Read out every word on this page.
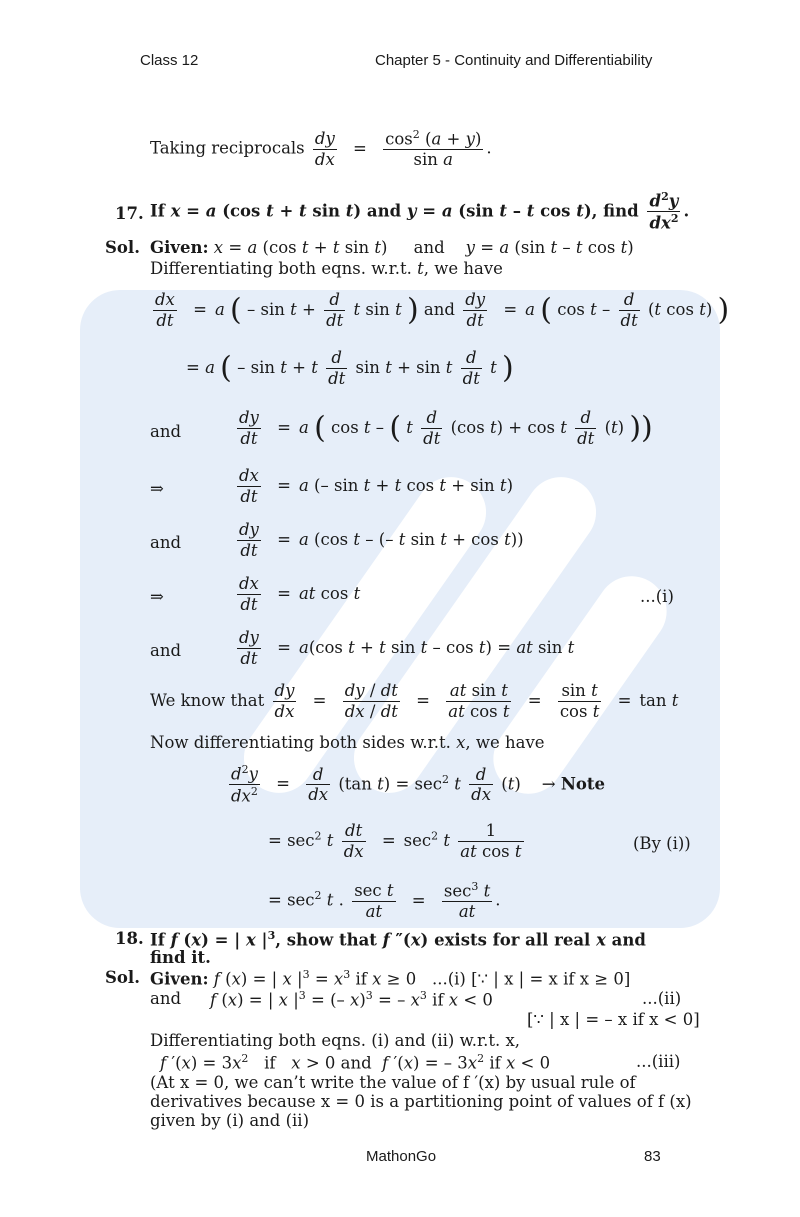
Class 12	Chapter 5 - Continuity and Differentiability
Taking reciprocals $\frac{dy}{dx} = \frac{\cos^2 (a + y)}{\text{sin a}}$ .
17. If x = a (cos t + t sin t) and y = a (sin t – t cos t), find $\frac{d^2y}{dx^2}$ .
Sol. Given: x = a (cos t + t sin t)     and y = a (sin t – t cos t)
Differentiating both eqns. w.r.t. t, we have
$\frac{dx}{dt} = a$ ( – $\sin t + \frac{d}{dt}$ t sin t ) and $\frac{dy}{dt} = a$ ( cos t – $\frac{d}{dt} (t$ cos t) )
= a ( – sin t + t $\frac{d}{dt}$ sin t + sin t $\frac{d}{dt}$ t )
and	$\frac{dy}{dt} = a$ ( cos t – ( t $\frac{d}{dt} (\cos$ t) + cos t $\frac{d}{dt} (t)$ ))
⇒	$\frac{dx}{dt} = a$ (– sin t + t cos t + sin t)
and	$\frac{dy}{dt} = a$ (cos t – (– t sin t + cos t))
⇒	$\frac{dx}{dt}$ = at cos t	...(i)
and	$\frac{dy}{dt} = a(\cos$ t + t sin t – cos t) = at sin t
We know that $\frac{dy}{dx} = \frac{dy / dt}{dx / dt} = \frac{\text{at sin t}}{\text{at cos t}} = \frac{\text{sin t}}{\text{cos t}} = \tan t$
Now differentiating both sides w.r.t. x, we have
$\frac{d^2y}{dx^2} = \frac{d}{dx} (\tan$ $t) = \sec^2 t \frac{d}{dx} (t)$    → Note
= $\sec^2 t \frac{dt}{dx} = \sec^2 t \frac{1}{\text{at cos t}}$	(By (i))
= $\sec^2 t$ . $\frac{\text{sec t}}{at} = \frac{\sec^3 t}{at}$ .
18. If f (x) = | x $|^3$, show that f ″(x) exists for all real x and
find it.
Sol. Given: f (x) = | x $|^3 = x^3$ if x ≥ 0   ...(i) [∵ | x | = x if x ≥ 0]
and f (x) = | x $|^3$ = (– x)$^3$ = – $x^3$ if x < 0	...(ii)
[∵ | x | = – x if x < 0]
Differentiating both eqns. (i) and (ii) w.r.t. x,
f $'(x) = 3x^2$   if   x > 0 and  f ′(x) = – $3x^2$ if x < 0	...(iii)
(At x = 0, we can’t write the value of f ′(x) by usual rule of
derivatives because x = 0 is a partitioning point of values of f (x)
given by (i) and (ii)
MathonGo	83
